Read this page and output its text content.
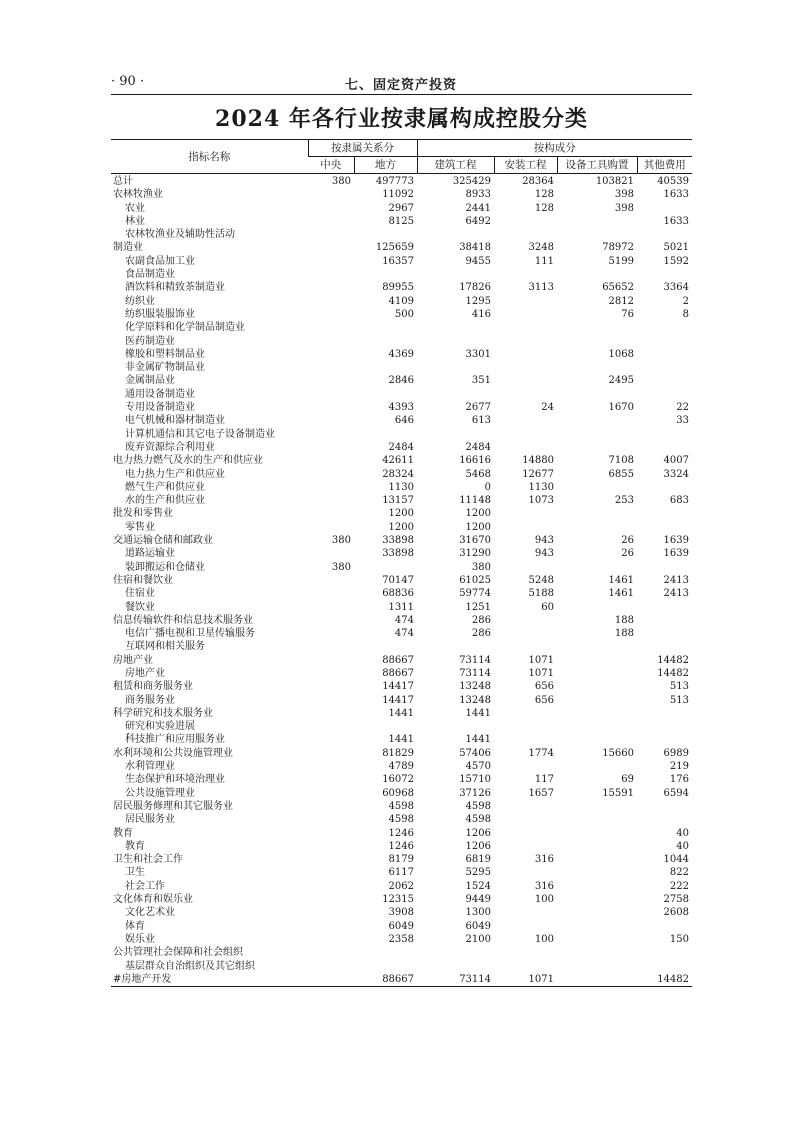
· 90 ·	七、固定资产投资
2024 年各行业按隶属构成控股分类
指标名称	按隶属关系分		按构成分			
	中央	地方	建筑工程	安装工程	设备工具购置	其他费用
总计	380	497773	325429	28364	103821	40539
农林牧渔业		11092	8933	128	398	1633
农业		2967	2441	128	398	
林业		8125	6492			1633
农林牧渔业及辅助性活动						
制造业		125659	38418	3248	78972	5021
农副食品加工业		16357	9455	111	5199	1592
食品制造业						
酒饮料和精致茶制造业		89955	17826	3113	65652	3364
纺织业		4109	1295		2812	2
纺织服装服饰业		500	416		76	8
化学原料和化学制品制造业						
医药制造业						
橡胶和塑料制品业		4369	3301		1068	
非金属矿物制品业						
金属制品业		2846	351		2495	
通用设备制造业						
专用设备制造业		4393	2677	24	1670	22
电气机械和器材制造业		646	613			33
计算机通信和其它电子设备制造业						
废弃资源综合利用业		2484	2484			
电力热力燃气及水的生产和供应业		42611	16616	14880	7108	4007
电力热力生产和供应业		28324	5468	12677	6855	3324
燃气生产和供应业		1130	0	1130		
水的生产和供应业		13157	11148	1073	253	683
批发和零售业		1200	1200			
零售业		1200	1200			
交通运输仓储和邮政业	380	33898	31670	943	26	1639
道路运输业		33898	31290	943	26	1639
装卸搬运和仓储业	380		380			
住宿和餐饮业		70147	61025	5248	1461	2413
住宿业		68836	59774	5188	1461	2413
餐饮业		1311	1251	60		
信息传输软件和信息技术服务业		474	286		188	
电信广播电视和卫星传输服务		474	286		188	
互联网和相关服务						
房地产业		88667	73114	1071		14482
房地产业		88667	73114	1071		14482
租赁和商务服务业		14417	13248	656		513
商务服务业		14417	13248	656		513
科学研究和技术服务业		1441	1441			
研究和实验进展						
科技推广和应用服务业		1441	1441			
水利环境和公共设施管理业		81829	57406	1774	15660	6989
水利管理业		4789	4570			219
生态保护和环境治理业		16072	15710	117	69	176
公共设施管理业		60968	37126	1657	15591	6594
居民服务修理和其它服务业		4598	4598			
居民服务业		4598	4598			
教育		1246	1206			40
教育		1246	1206			40
卫生和社会工作		8179	6819	316		1044
卫生		6117	5295			822
社会工作		2062	1524	316		222
文化体育和娱乐业		12315	9449	100		2758
文化艺术业		3908	1300			2608
体育		6049	6049			
娱乐业		2358	2100	100		150
公共管理社会保障和社会组织						
基层群众自治组织及其它组织						
#房地产开发		88667	73114	1071		14482
